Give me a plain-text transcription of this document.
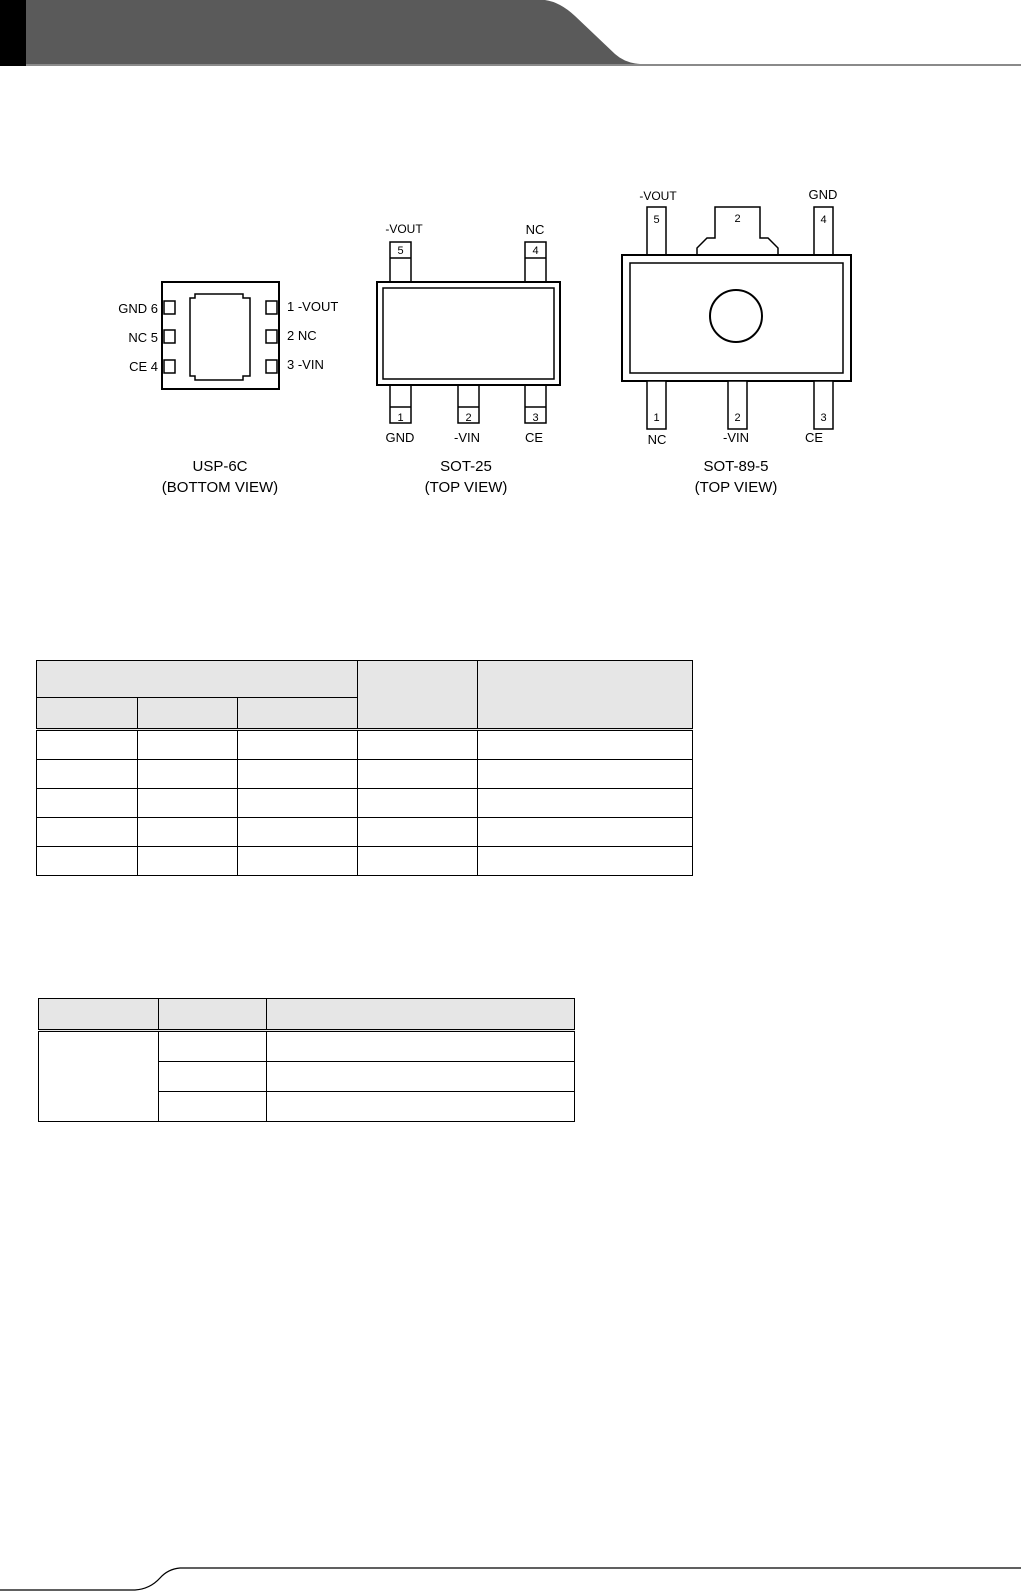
GND 6
NC 5
CE 4
1 -VOUT
2 NC
3 -VIN
USP-6C
(BOTTOM VIEW)
5	4
1	2	3
-VOUT	NC
GND	-VIN	CE
SOT-25
(TOP VIEW)
5	2	4
-VOUT	GND
1	2	3
NC	-VIN	CE
SOT-89-5
(TOP VIEW)
